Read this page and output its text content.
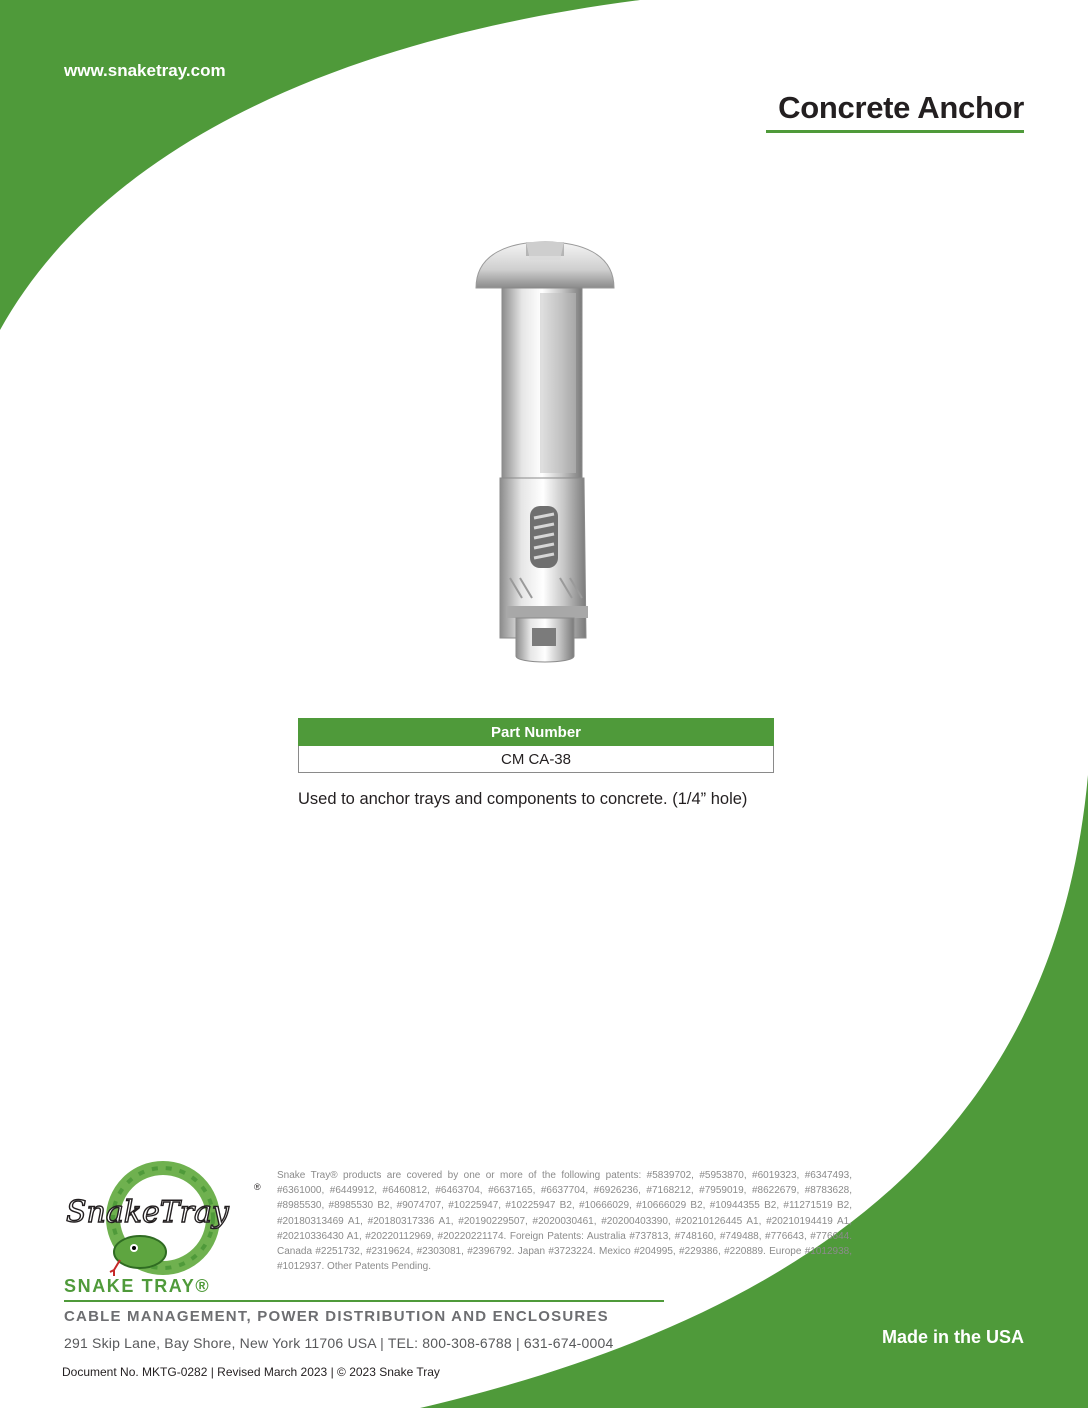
www.snaketray.com
Concrete Anchor
Part Number
CM CA-38
Used to anchor trays and components to concrete. (1/4” hole)
SnakeTray
®
Snake Tray® products are covered by one or more of the following patents: #5839702, #5953870, #6019323, #6347493, #6361000, #6449912, #6460812, #6463704, #6637165, #6637704, #6926236, #7168212, #7959019, #8622679, #8783628, #8985530, #8985530 B2, #9074707, #10225947, #10225947 B2, #10666029, #10666029 B2, #10944355 B2, #11271519 B2, #20180313469 A1, #20180317336 A1, #20190229507, #2020030461, #20200403390, #20210126445 A1, #20210194419 A1, #20210336430 A1, #20220112969, #20220221174. Foreign Patents: Australia #737813, #748160, #749488, #776643, #776644. Canada #2251732, #2319624, #2303081, #2396792. Japan #3723224. Mexico #204995, #229386, #220889. Europe #1012938, #1012937. Other Patents Pending.
SNAKE TRAY®
CABLE MANAGEMENT, POWER DISTRIBUTION AND ENCLOSURES
291 Skip Lane, Bay Shore, New York 11706 USA | TEL: 800-308-6788 | 631-674-0004
Document No. MKTG-0282 | Revised March 2023 | © 2023 Snake Tray
Made in the USA
